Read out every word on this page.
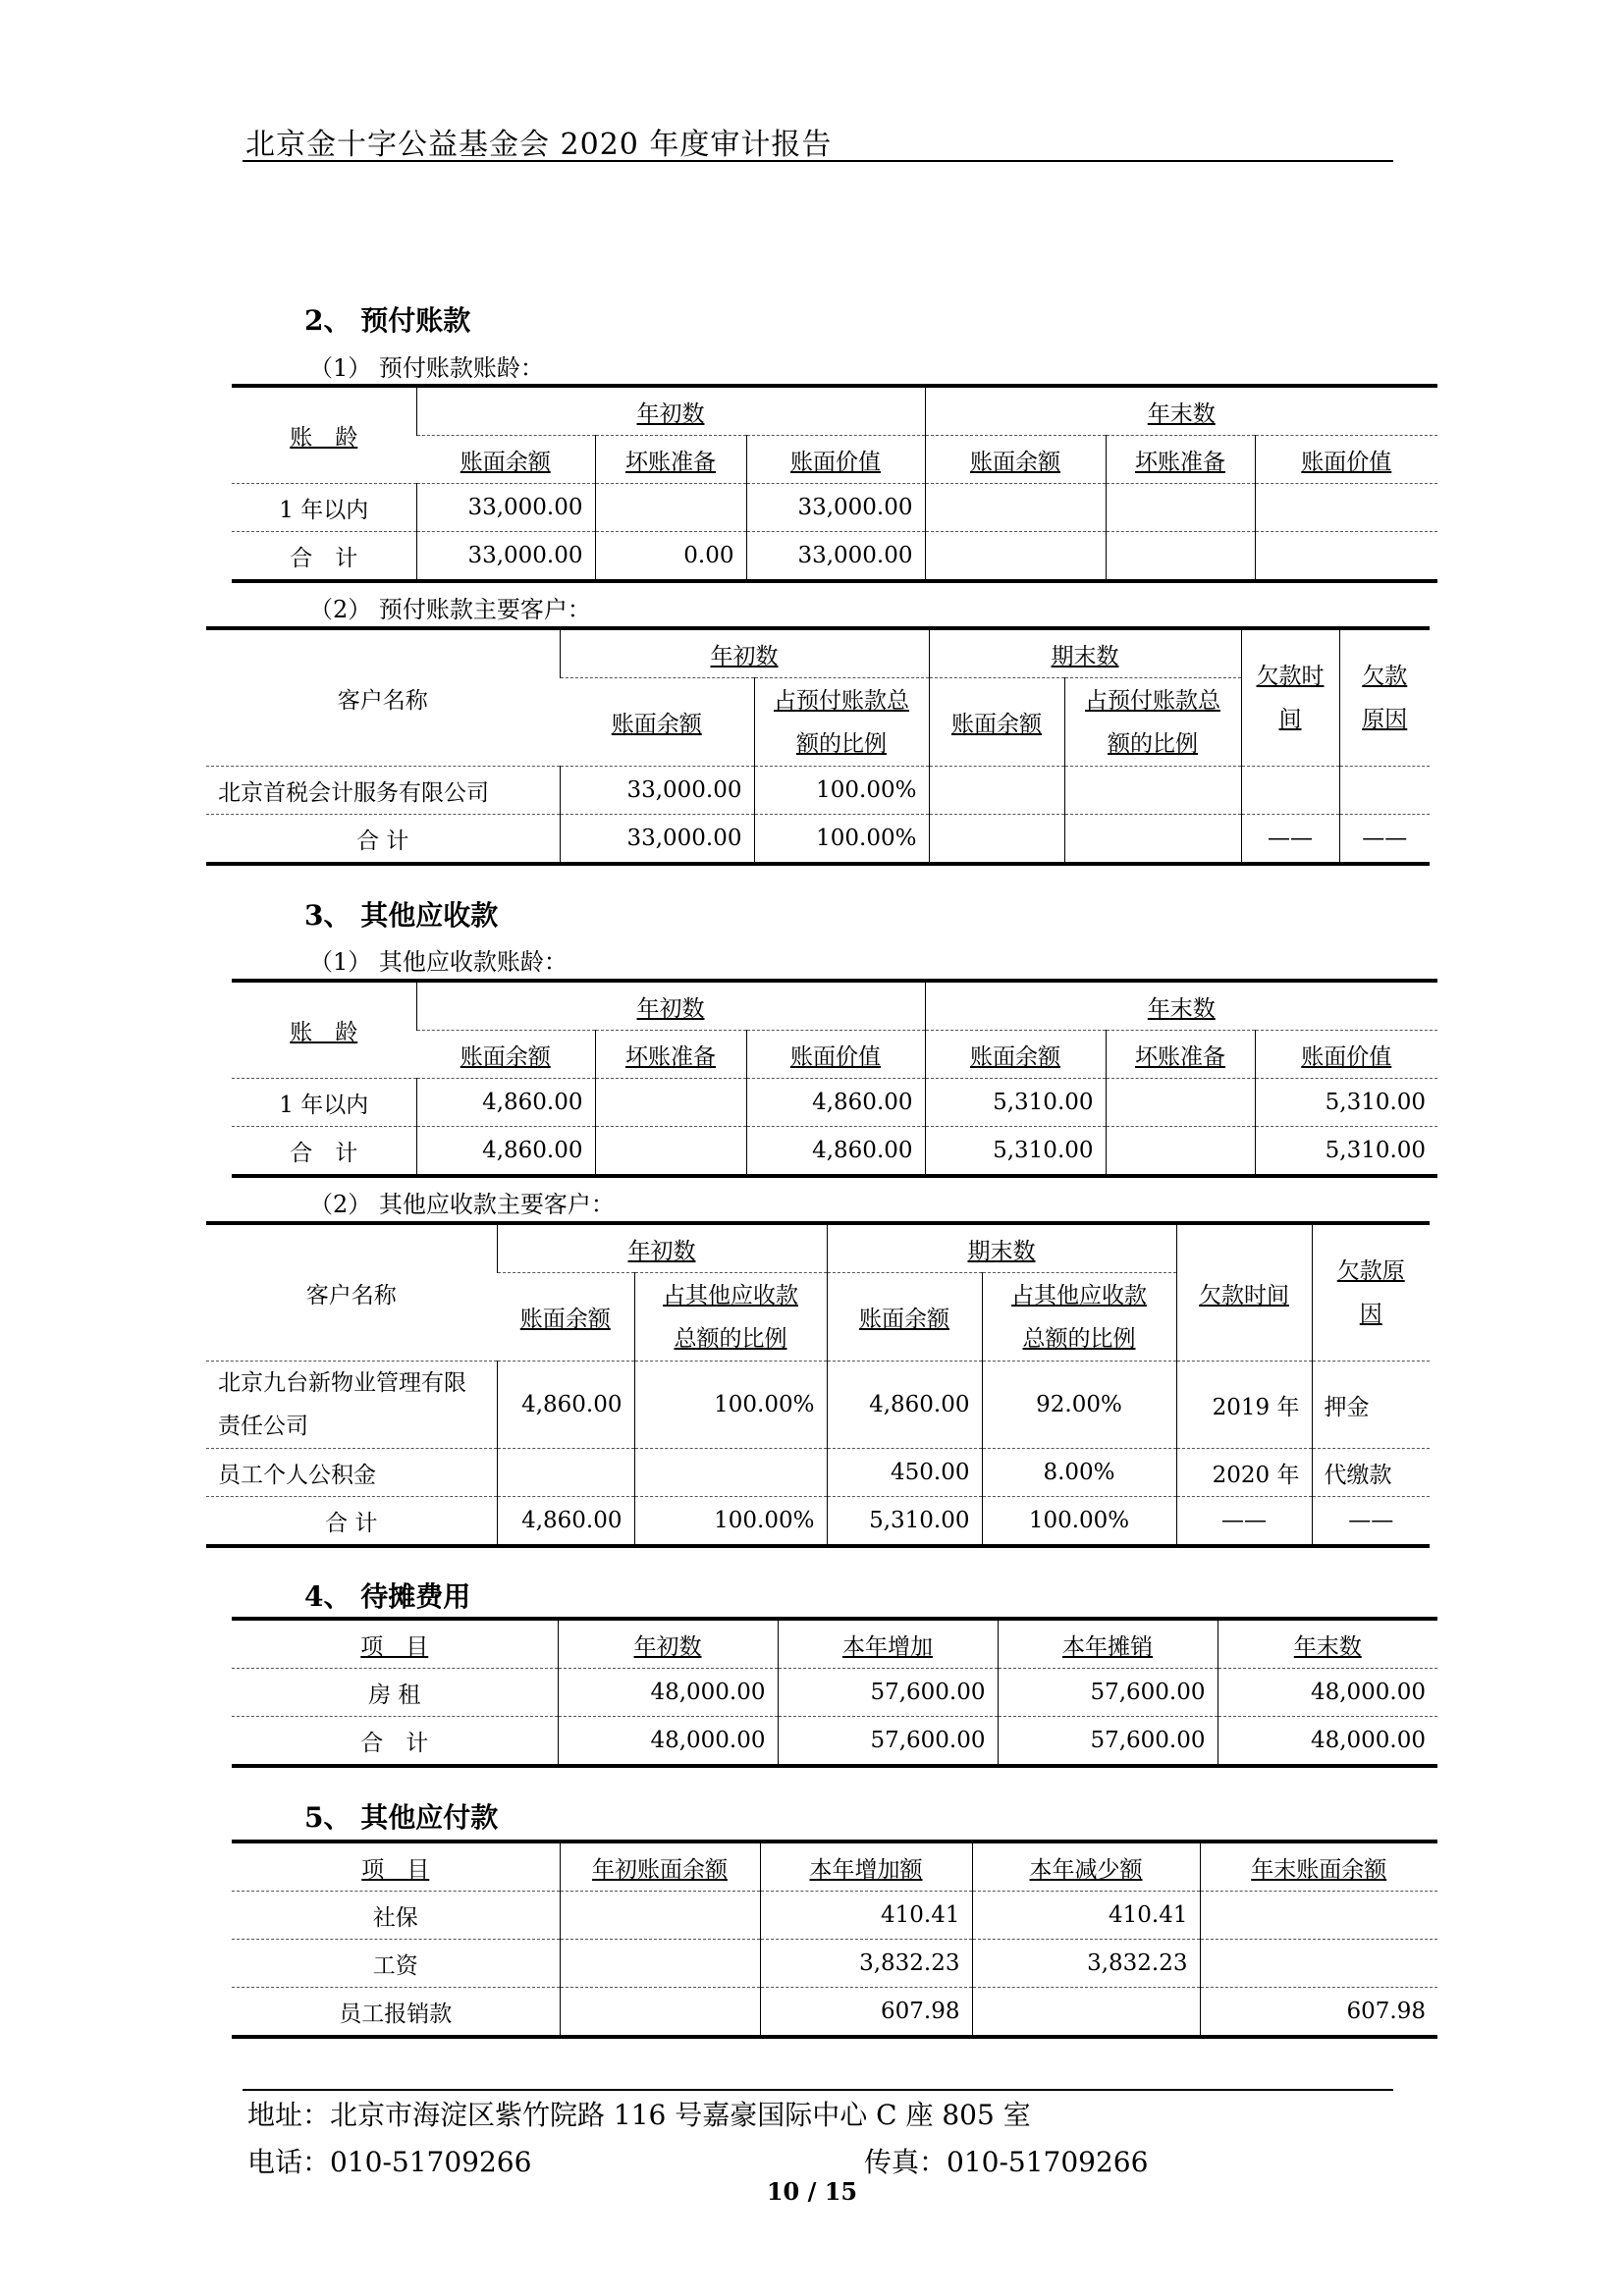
北京金十字公益基金会 2020 年度审计报告
2、 预付账款
（1） 预付账款账龄：
账　龄	年初数			年末数		
	账面余额	坏账准备	账面价值	账面余额	坏账准备	账面价值
1 年以内	33,000.00		33,000.00			
合　计	33,000.00	0.00	33,000.00			
（2） 预付账款主要客户：
客户名称	年初数		期末数		欠款时间	欠款原因
	账面余额	占预付账款总额的比例	账面余额	占预付账款总额的比例		
北京首税会计服务有限公司	33,000.00	100.00%				
合 计	33,000.00	100.00%			——	——
3、 其他应收款
（1） 其他应收款账龄：
账　龄	年初数			年末数		
	账面余额	坏账准备	账面价值	账面余额	坏账准备	账面价值
1 年以内	4,860.00		4,860.00	5,310.00		5,310.00
合　计	4,860.00		4,860.00	5,310.00		5,310.00
（2） 其他应收款主要客户：
客户名称	年初数		期末数		欠款时间	欠款原因
	账面余额	占其他应收款总额的比例	账面余额	占其他应收款总额的比例		
北京九台新物业管理有限责任公司	4,860.00	100.00%	4,860.00	92.00%	2019 年	押金
员工个人公积金			450.00	8.00%	2020 年	代缴款
合 计	4,860.00	100.00%	5,310.00	100.00%	——	——
4、 待摊费用
项　目	年初数	本年增加	本年摊销	年末数
房 租	48,000.00	57,600.00	57,600.00	48,000.00
合　计	48,000.00	57,600.00	57,600.00	48,000.00
5、 其他应付款
项　目	年初账面余额	本年增加额	本年减少额	年末账面余额
社保		410.41	410.41	
工资		3,832.23	3,832.23	
员工报销款		607.98		607.98
地址：北京市海淀区紫竹院路 116 号嘉豪国际中心 C 座 805 室
电话：010-51709266	传真：010-51709266
10 / 15
